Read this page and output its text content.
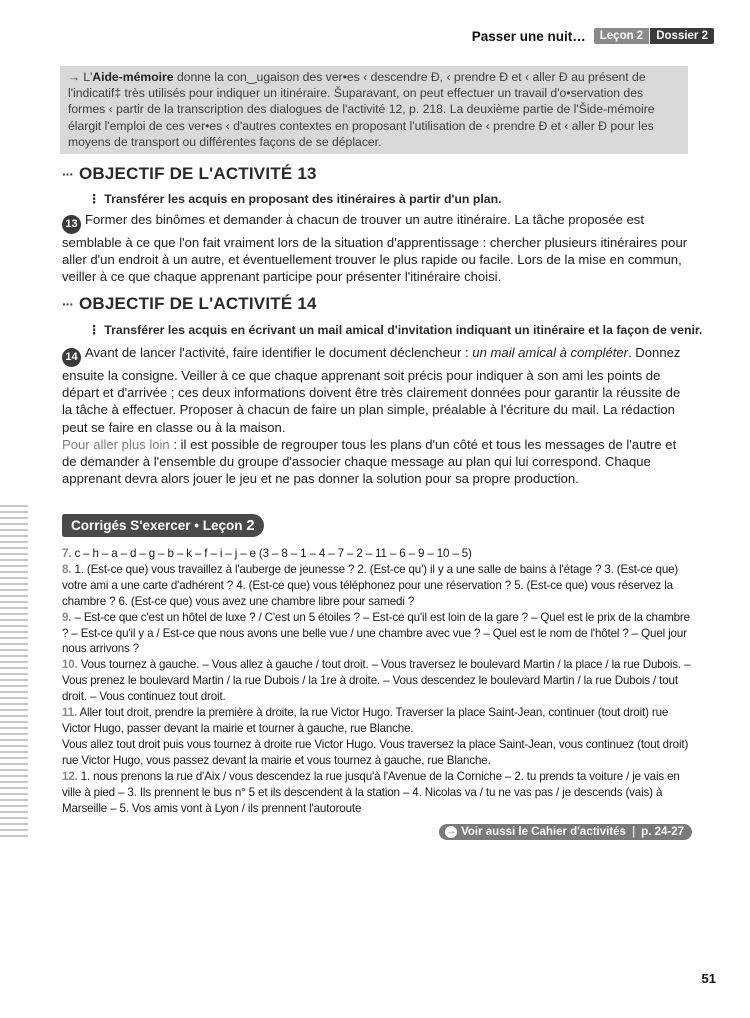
Passer une nuit…	Leçon 2	Dossier 2
→ L'Aide-mémoire donne la con‿ugaison des ver•es ‹ descendre Ð, ‹ prendre Ð et ‹ aller Ð au présent de l'indicatif‡ très utilisés pour indiquer un itinéraire. Šuparavant, on peut effectuer un travail d'o•servation des formes ‹ partir de la transcription des dialogues de l'activité 12, p. 218. La deuxième partie de l'Šide-mémoire élargit l'emploi de ces ver•es ‹ d'autres contextes en proposant l'utilisation de ‹ prendre Ð et ‹ aller Ð pour les moyens de transport ou différentes façons de se déplacer.
··· OBJECTIF DE L'ACTIVITÉ 13
⋮ Transférer les acquis en proposant des itinéraires à partir d'un plan.
13 Former des binômes et demander à chacun de trouver un autre itinéraire. La tâche proposée est semblable à ce que l'on fait vraiment lors de la situation d'apprentissage : chercher plusieurs itinéraires pour aller d'un endroit à un autre, et éventuellement trouver le plus rapide ou facile. Lors de la mise en commun, veiller à ce que chaque apprenant participe pour présenter l'itinéraire choisi.
··· OBJECTIF DE L'ACTIVITÉ 14
⋮ Transférer les acquis en écrivant un mail amical d'invitation indiquant un itinéraire et la façon de venir.
14 Avant de lancer l'activité, faire identifier le document déclencheur : un mail amical à compléter. Donnez ensuite la consigne. Veiller à ce que chaque apprenant soit précis pour indiquer à son ami les points de départ et d'arrivée ; ces deux informations doivent être très clairement données pour garantir la réussite de la tâche à effectuer. Proposer à chacun de faire un plan simple, préalable à l'écriture du mail. La rédaction peut se faire en classe ou à la maison.
Pour aller plus loin : il est possible de regrouper tous les plans d'un côté et tous les messages de l'autre et de demander à l'ensemble du groupe d'associer chaque message au plan qui lui correspond. Chaque apprenant devra alors jouer le jeu et ne pas donner la solution pour sa propre production.
Corrigés S'exercer • Leçon 2

7. c – h – a – d – g – b – k – f – i – j – e (3 – 8 – 1 – 4 – 7 – 2 – 11 – 6 – 9 – 10 – 5)

8. 1. (Est-ce que) vous travaillez à l'auberge de jeunesse ? 2. (Est-ce qu') il y a une salle de bains à l'étage ? 3. (Est-ce que) votre ami a une carte d'adhérent ? 4. (Est-ce que) vous téléphonez pour une réservation ? 5. (Est-ce que) vous réservez la chambre ? 6. (Est-ce que) vous avez une chambre libre pour samedi ?

9. – Est-ce que c'est un hôtel de luxe ? / C'est un 5 étoiles ? – Est-ce qu'il est loin de la gare ? – Quel est le prix de la chambre ? – Est-ce qu'il y a / Est-ce que nous avons une belle vue / une chambre avec vue ? – Quel est le nom de l'hôtel ? – Quel jour nous arrivons ?

10. Vous tournez à gauche. – Vous allez à gauche / tout droit. – Vous traversez le boulevard Martin / la place / la rue Dubois. – Vous prenez le boulevard Martin / la rue Dubois / la 1re à droite. – Vous descendez le boulevard Martin / la rue Dubois / tout droit. – Vous continuez tout droit.

11. Aller tout droit, prendre la première à droite, la rue Victor Hugo. Traverser la place Saint-Jean, continuer (tout droit) rue Victor Hugo, passer devant la mairie et tourner à gauche, rue Blanche.

Vous allez tout droit puis vous tournez à droite rue Victor Hugo. Vous traversez la place Saint-Jean, vous continuez (tout droit) rue Victor Hugo, vous passez devant la mairie et vous tournez à gauche, rue Blanche.

12. 1. nous prenons la rue d'Aix / vous descendez la rue jusqu'à l'Avenue de la Corniche – 2. tu prends ta voiture / je vais en ville à pied – 3. Ils prennent le bus n° 5 et ils descendent à la station – 4. Nicolas va / tu ne vas pas / je descends (vais) à Marseille – 5. Vos amis vont à Lyon / ils prennent l'autoroute

→ Voir aussi le Cahier d'activités | p. 24-27
51
